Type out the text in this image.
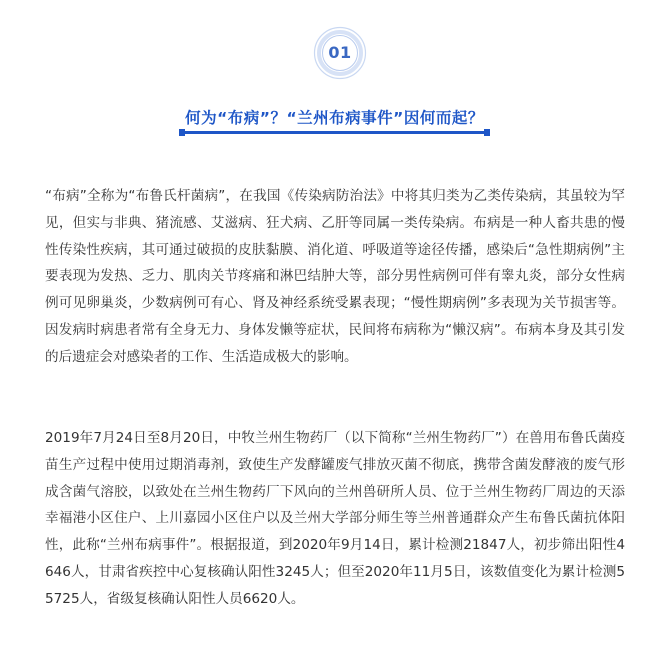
01
何为“布病”？“兰州布病事件”因何而起？

“布病”全称为“布鲁氏杆菌病”，在我国《传染病防治法》中将其归类为乙类传染病，其虽较为罕见，但实与非典、猪流感、艾滋病、狂犬病、乙肝等同属一类传染病。布病是一种人畜共患的慢性传染性疾病，其可通过破损的皮肤黏膜、消化道、呼吸道等途径传播，感染后“急性期病例”主要表现为发热、乏力、肌肉关节疼痛和淋巴结肿大等，部分男性病例可伴有睾丸炎，部分女性病例可见卵巢炎，少数病例可有心、肾及神经系统受累表现；“慢性期病例”多表现为关节损害等。因发病时病患者常有全身无力、身体发懒等症状，民间将布病称为“懒汉病”。布病本身及其引发的后遗症会对感染者的工作、生活造成极大的影响。

2019年7月24日至8月20日，中牧兰州生物药厂（以下简称“兰州生物药厂”）在兽用布鲁氏菌疫苗生产过程中使用过期消毒剂，致使生产发酵罐废气排放灭菌不彻底，携带含菌发酵液的废气形成含菌气溶胶，以致处在兰州生物药厂下风向的兰州兽研所人员、位于兰州生物药厂周边的天添幸福港小区住户、上川嘉园小区住户以及兰州大学部分师生等兰州普通群众产生布鲁氏菌抗体阳性，此称“兰州布病事件”。根据报道，到2020年9月14日，累计检测21847人，初步筛出阳性4646人，甘肃省疾控中心复核确认阳性3245人；但至2020年11月5日，该数值变化为累计检测55725人，省级复核确认阳性人员6620人。
